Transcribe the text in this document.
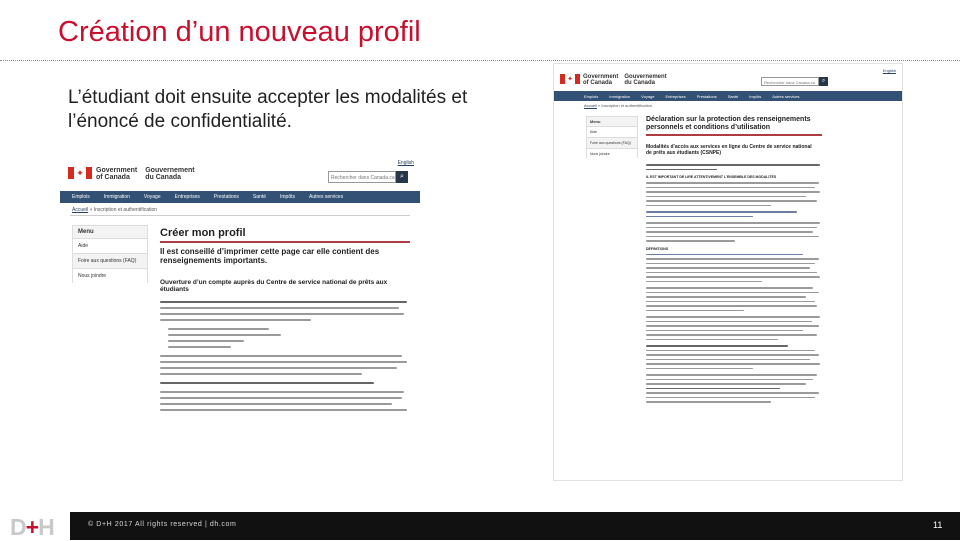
Création d’un nouveau profil
L’étudiant doit ensuite accepter les modalités et l’énoncé de confidentialité.
English
✦	Government
of Canada
Gouvernement
du Canada	Rechercher dans Canada.ca ⌕
Emplois	Immigration	Voyage	Entreprises	Prestations	Santé	Impôts	Autres services
Accueil » Inscription et authentification
Menu
Aide
Foire aux questions (FAQ)
Nous joindre
Créer mon profil
Il est conseillé d’imprimer cette page car elle contient des renseignements importants.
Ouverture d’un compte auprès du Centre de service national de prêts aux étudiants
English
✦	Government
of Canada
Gouvernement
du Canada	Rechercher dans Canada.ca	⌕
Emplois	Immigration	Voyage	Entreprises	Prestations	Santé	Impôts	Autres services
Accueil » Inscription et authentification
Menu
Aide
Foire aux questions (FAQ)
Nous joindre
Déclaration sur la protection des renseignements personnels et conditions d’utilisation
Modalités d’accès aux services en ligne du Centre de service national de prêts aux étudiants (CSNPE)
IL EST IMPORTANT DE LIRE ATTENTIVEMENT L’ENSEMBLE DES MODALITÉS
DÉFINITIONS
D+H	© D+H 2017 All rights reserved | dh.com	11
